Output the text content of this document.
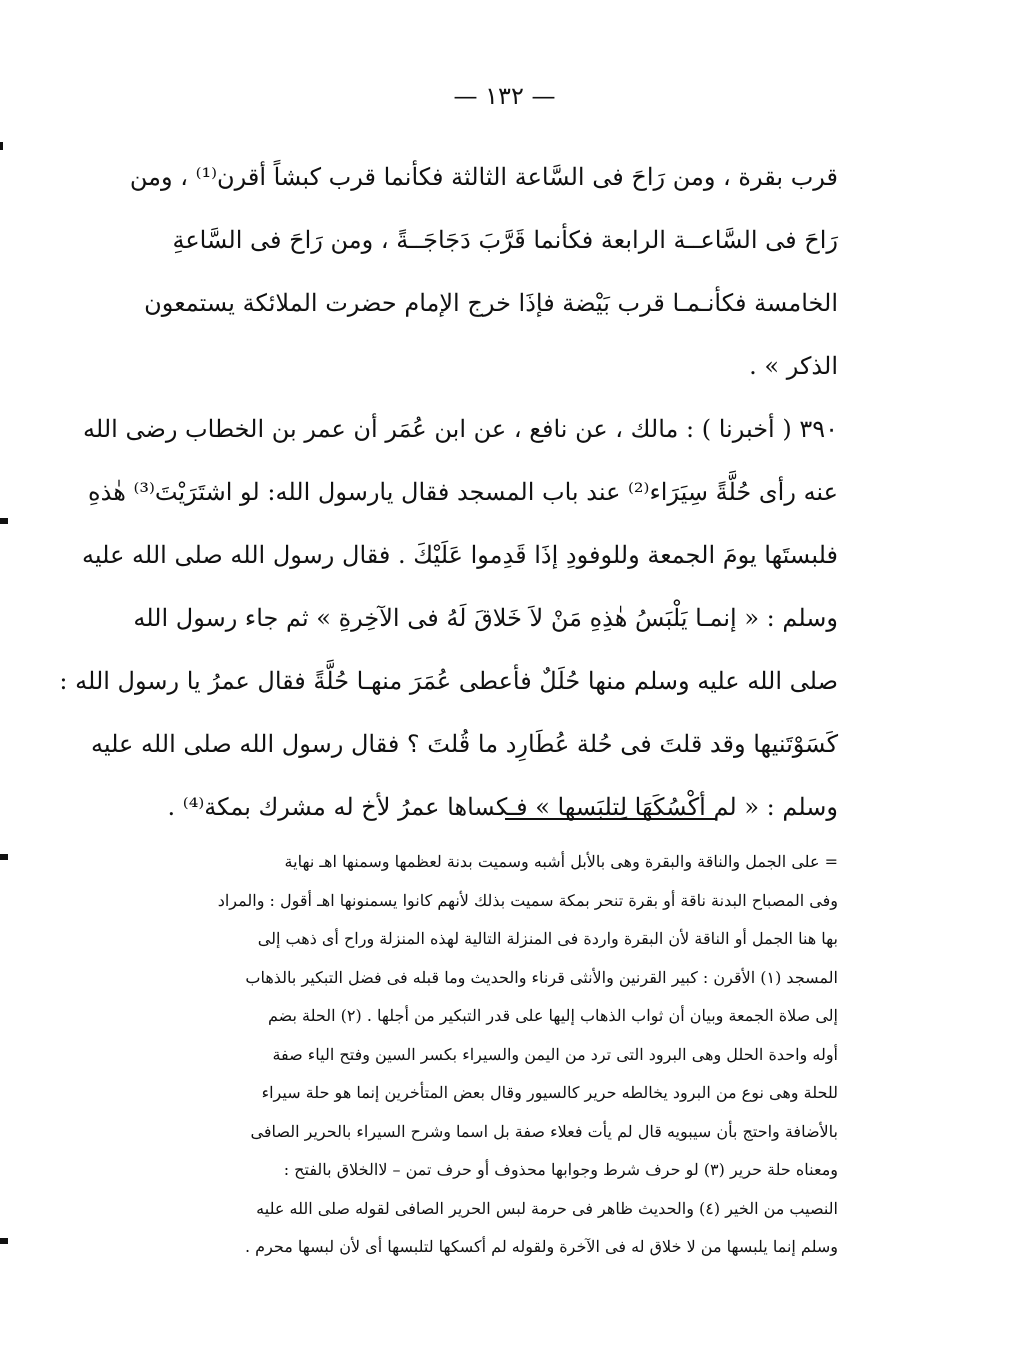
— ١٣٢ —
قرب بقرة ، ومن رَاحَ فى السَّاعة الثالثة فكأنما قرب كبشاً أقرن⁽¹⁾ ، ومن
رَاحَ فى السَّاعــة الرابعة فكأنما قَرَّبَ دَجَاجَــةً ، ومن رَاحَ فى السَّاعةِ
الخامسة فكأنـمـا قرب بَيْضة فإذَا خرج الإمام حضرت الملائكة يستمعون
الذكر » .
٣٩٠ ( أخبرنا ) : مالك ، عن نافع ، عن ابن عُمَر أن عمر بن الخطاب رضى الله
عنه رأى حُلَّةً سِيَرَاء⁽²⁾ عند باب المسجد فقال يارسول الله: لو اشتَرَيْتَ⁽³⁾ هٰذهِ
فلبستَها يومَ الجمعة وللوفودِ إذَا قَدِموا عَلَيْكَ . فقال رسول الله صلى الله عليه
وسلم : « إنمـا يَلْبَسُ هٰذِهِ مَنْ لاَ خَلاقَ لَهُ فى الآخِرةِ » ثم جاء رسول الله
صلى الله عليه وسلم منها حُلَلٌ فأعطى عُمَرَ منهـا حُلَّةً فقال عمرُ يا رسول الله :
كَسَوْتَنيها وقد قلتَ فى حُلة عُطَارِد ما قُلتَ ؟ فقال رسول الله صلى الله عليه
وسلم : « لم أكْسُكَهَا لِتلبَسها » فـكساها عمرُ لأخ له مشرك بمكة⁽⁴⁾ .
= على الجمل والناقة والبقرة وهى بالأبل أشبه وسميت بدنة لعظمها وسمنها اهـ نهاية
وفى المصباح البدنة ناقة أو بقرة تنحر بمكة سميت بذلك لأنهم كانوا يسمنونها اهـ أقول : والمراد
بها هنا الجمل أو الناقة لأن البقرة واردة فى المنزلة التالية لهذه المنزلة وراح أى ذهب إلى
المسجد (١) الأقرن : كبير القرنين والأنثى قرناء والحديث وما قبله فى فضل التبكير بالذهاب
إلى صلاة الجمعة وبيان أن ثواب الذهاب إليها على قدر التبكير من أجلها . (٢) الحلة بضم
أوله واحدة الحلل وهى البرود التى ترد من اليمن والسيراء بكسر السين وفتح الياء صفة
للحلة وهى نوع من البرود يخالطه حرير كالسيور وقال بعض المتأخرين إنما هو حلة سيراء
بالأضافة واحتج بأن سيبويه قال لم يأت فعلاء صفة بل اسما وشرح السيراء بالحرير الصافى
ومعناه حلة حرير (٣) لو حرف شرط وجوابها محذوف أو حرف تمن – لاالخلاق بالفتح :
النصيب من الخير (٤) والحديث ظاهر فى حرمة لبس الحرير الصافى لقوله صلى الله عليه
وسلم إنما يلبسها من لا خلاق له فى الآخرة ولقوله لم أكسكها لتلبسها أى لأن لبسها محرم .
